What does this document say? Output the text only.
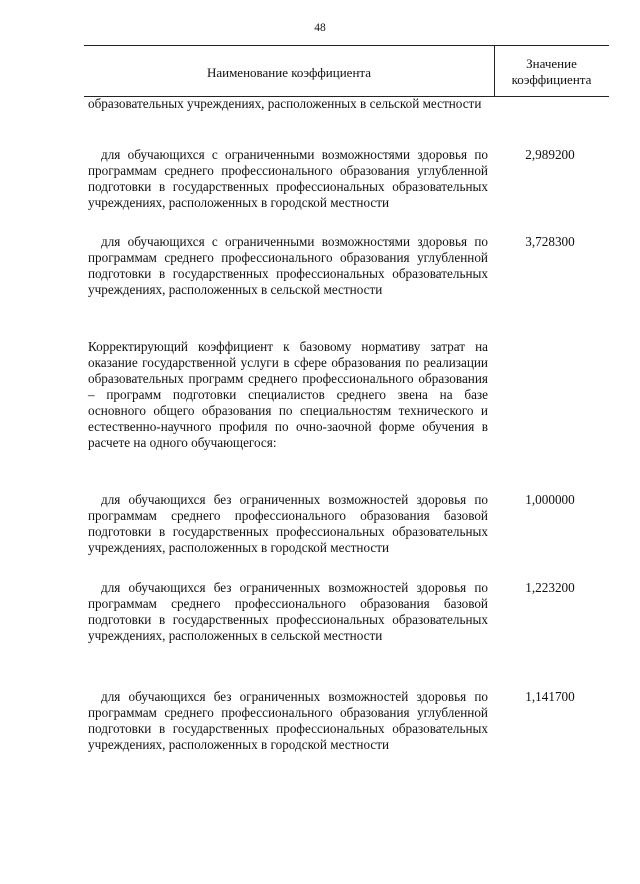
48
Наименование коэффициента
Значение коэффициента
образовательных учреждениях, расположенных в сельской местности
для обучающихся с ограниченными возможностями здоровья по программам среднего профессионального образования углубленной подготовки в государственных профессиональных образовательных учреждениях, расположенных в городской местности
2,989200
для обучающихся с ограниченными возможностями здоровья по программам среднего профессионального образования углубленной подготовки в государственных профессиональных образовательных учреждениях, расположенных в сельской местности
3,728300
Корректирующий коэффициент к базовому нормативу затрат на оказание государственной услуги в сфере образования по реализации образовательных программ среднего профессионального образования – программ подготовки специалистов среднего звена на базе основного общего образования по специальностям технического и естественно-научного профиля по очно-заочной форме обучения в расчете на одного обучающегося:
для обучающихся без ограниченных возможностей здоровья по программам среднего профессионального образования базовой подготовки в государственных профессиональных образовательных учреждениях, расположенных в городской местности
1,000000
для обучающихся без ограниченных возможностей здоровья по программам среднего профессионального образования базовой подготовки в государственных профессиональных образовательных учреждениях, расположенных в сельской местности
1,223200
для обучающихся без ограниченных возможностей здоровья по программам среднего профессионального образования углубленной подготовки в государственных профессиональных образовательных учреждениях, расположенных в городской местности
1,141700
